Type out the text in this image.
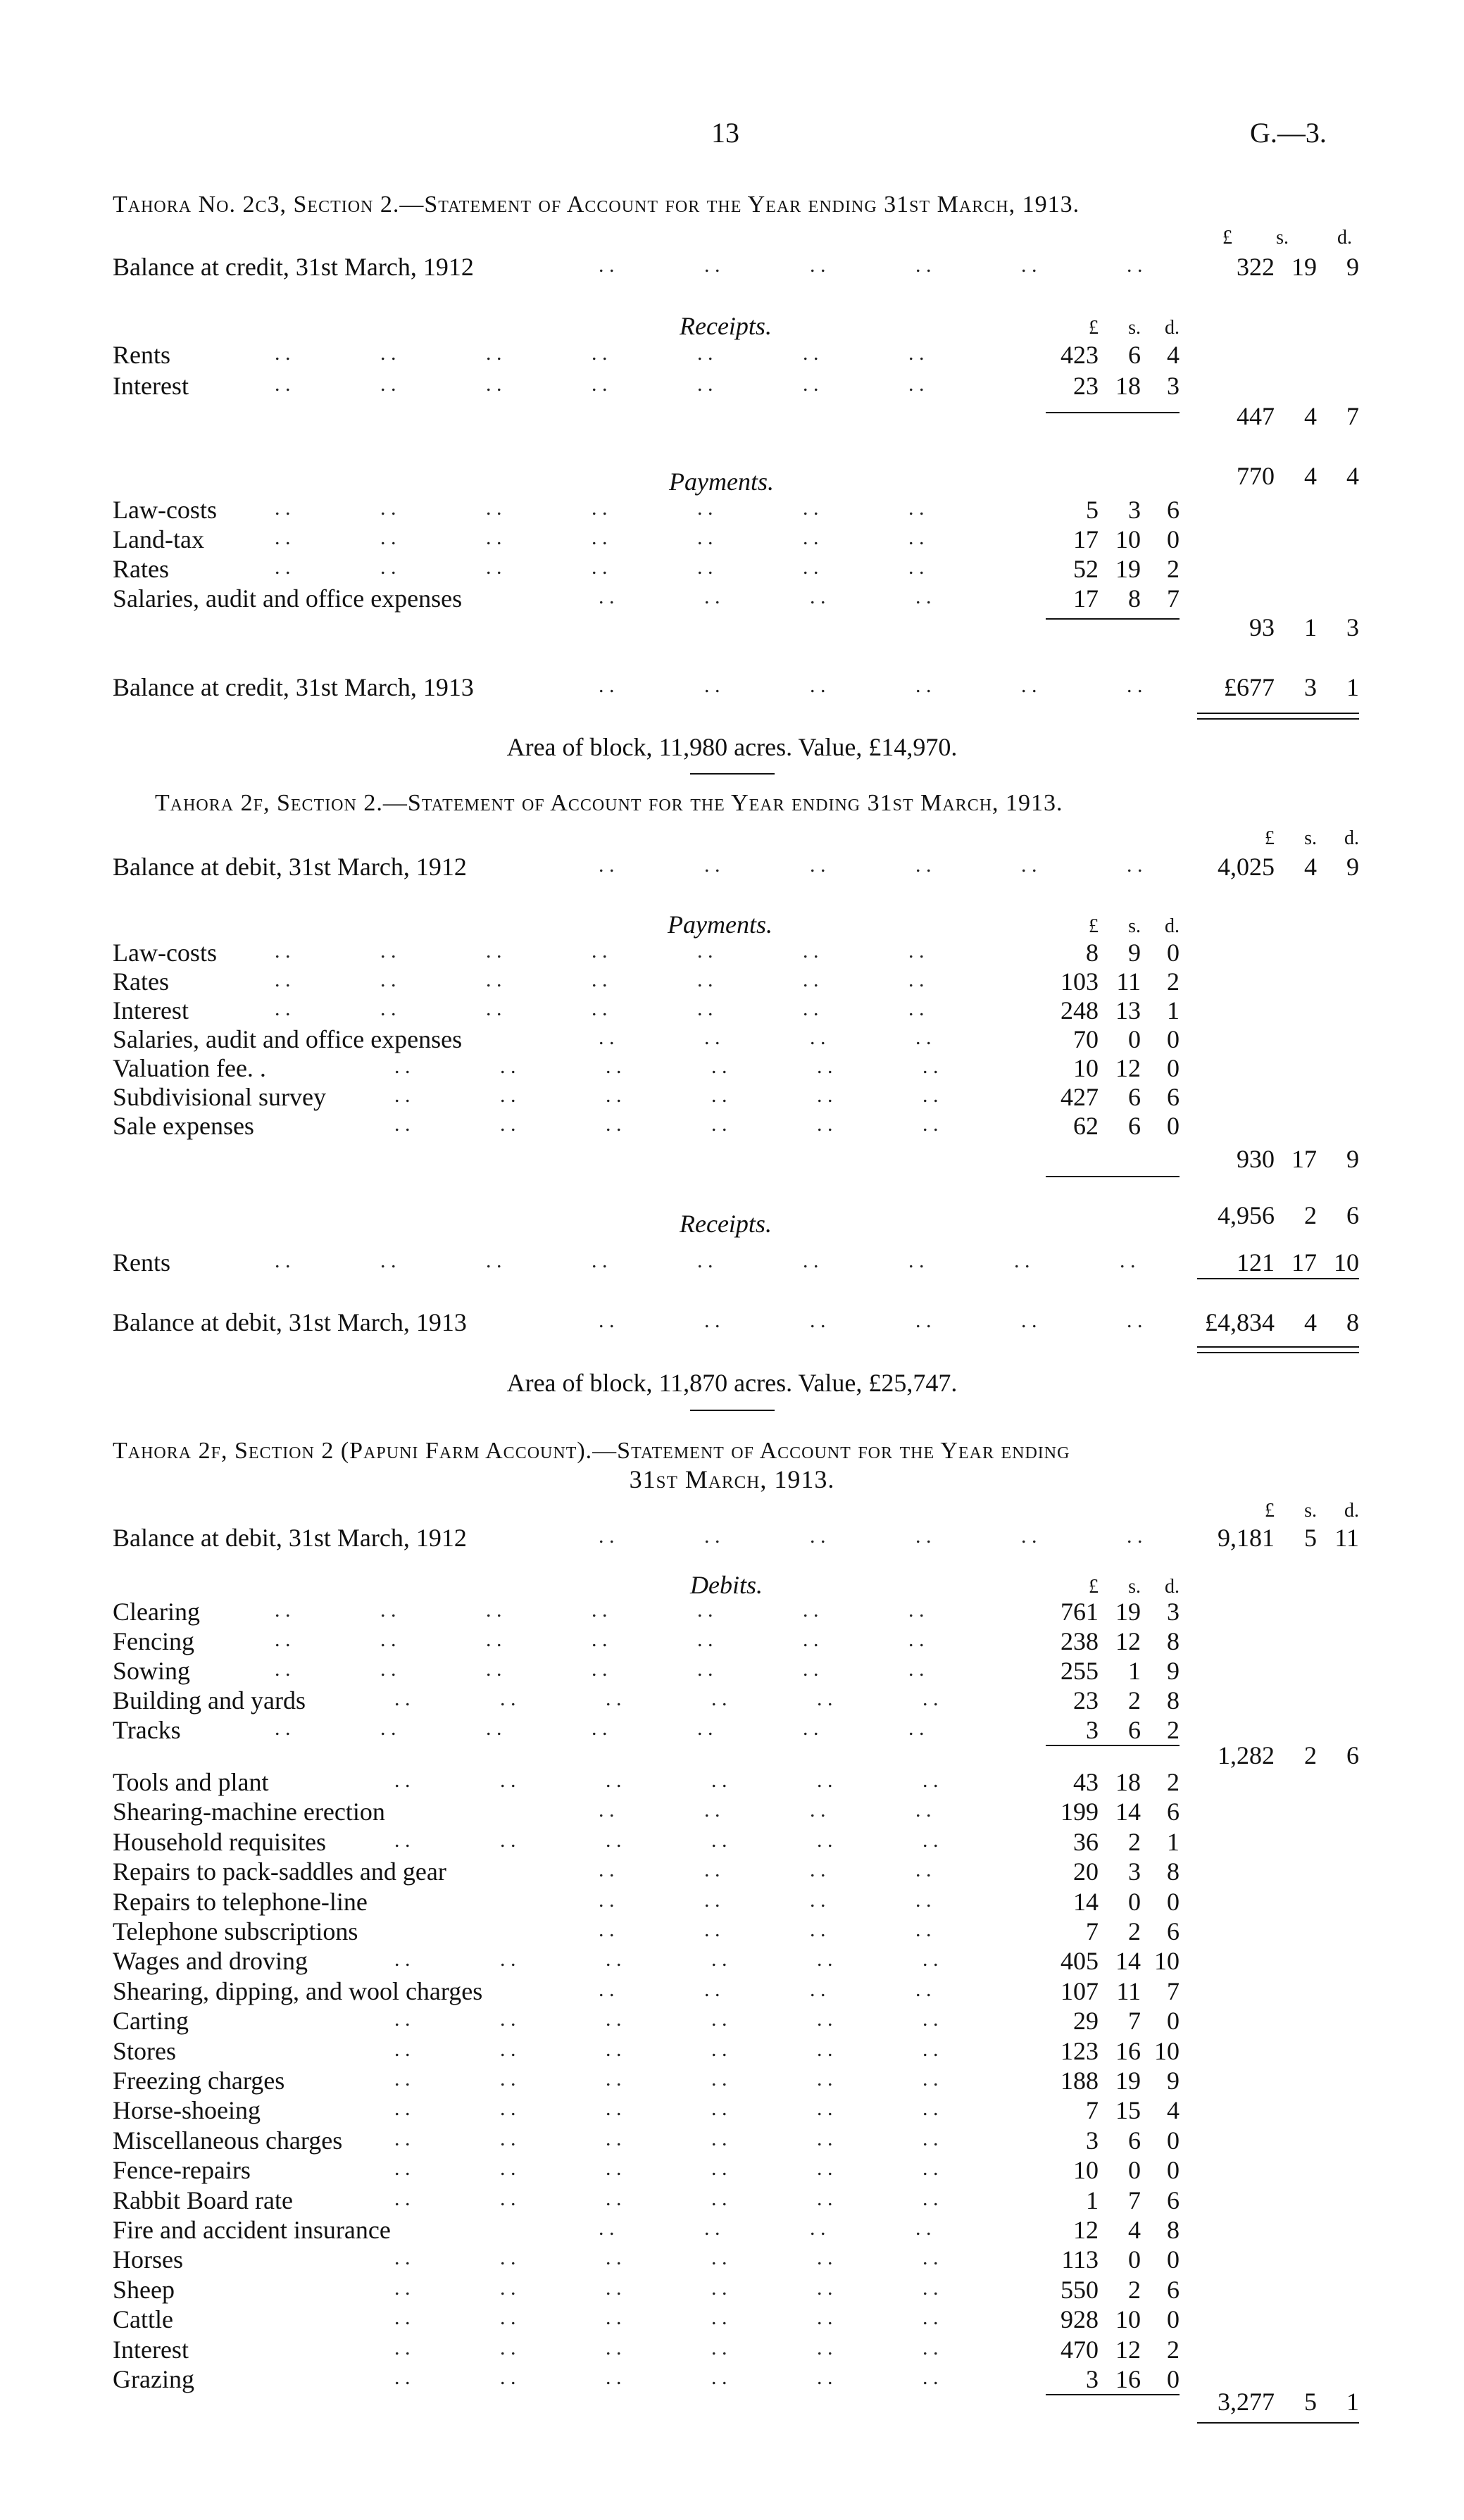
13	G.—3.
Tahora No. 2c3, Section 2.—Statement of Account for the Year ending 31st March, 1913.
£	s.	d.
Balance at credit, 31st March, 1912	. .	. .	. .	. .	. .	. .	322 19	9
Receipts.	£	s.	d.
Rents	. .	. .	. .	. .	. .	. .	. .	423	6	4
Interest	. .	. .	. .	. .	. .	. .	. .	23 18	3
447	4	7
Payments.	770	4	4
Law-costs	. .	. .	. .	. .	. .	. .	. .	5	3	6
Land-tax	. .	. .	. .	. .	. .	. .	. .	17 10	0
Rates	. .	. .	. .	. .	. .	. .	. .	52 19	2
Salaries, audit and office expenses	. .	. .	. .	. .	17	8	7
93	1	3
Balance at credit, 31st March, 1913	. .	. .	. .	. .	. .	. .	£677	3	1
Area of block, 11,980 acres. Value, £14,970.
Tahora 2f, Section 2.—Statement of Account for the Year ending 31st March, 1913.
£	s.	d.
Balance at debit, 31st March, 1912	. .	. .	. .	. .	. .	. .	4,025	4	9
Payments.	£	s.	d.
Law-costs	. .	. .	. .	. .	. .	. .	. .	8	9	0
Rates	. .	. .	. .	. .	. .	. .	. .	103 11	2
Interest	. .	. .	. .	. .	. .	. .	. .	248 13	1
Salaries, audit and office expenses	. .	. .	. .	. .	70	0	0
Valuation fee. .	. .	. .	. .	. .	. .	. .	10 12	0
Subdivisional survey	. .	. .	. .	. .	. .	. .	427	6	6
Sale expenses	. .	. .	. .	. .	. .	. .	62	6	0
930 17	9
Receipts.	4,956	2	6
Rents	. .	. .	. .	. .	. .	. .	. .	. .	. .	121 17 10
Balance at debit, 31st March, 1913	. .	. .	. .	. .	. .	. .	£4,834	4	8
Area of block, 11,870 acres. Value, £25,747.
Tahora 2f, Section 2 (Papuni Farm Account).—Statement of Account for the Year ending
31st March, 1913.
£	s.	d.
Balance at debit, 31st March, 1912	. .	. .	. .	. .	. .	. .	9,181	5 11
Debits.	£	s.	d.
Clearing	. .	. .	. .	. .	. .	. .	. .	761 19	3
Fencing	. .	. .	. .	. .	. .	. .	. .	238 12	8
Sowing	. .	. .	. .	. .	. .	. .	. .	255	1	9
Building and yards	. .	. .	. .	. .	. .	. .	23	2	8
Tracks	. .	. .	. .	. .	. .	. .	. .	3	6	2
1,282	2	6
Tools and plant	. .	. .	. .	. .	. .	. .	43 18	2
Shearing-machine erection	. .	. .	. .	. .	199 14	6
Household requisites	. .	. .	. .	. .	. .	. .	36	2	1
Repairs to pack-saddles and gear	. .	. .	. .	. .	20	3	8
Repairs to telephone-line	. .	. .	. .	. .	14	0	0
Telephone subscriptions	. .	. .	. .	. .	7	2	6
Wages and droving	. .	. .	. .	. .	. .	. .	405 14 10
Shearing, dipping, and wool charges	. .	. .	. .	. .	107 11	7
Carting	. .	. .	. .	. .	. .	. .	29	7	0
Stores	. .	. .	. .	. .	. .	. .	123 16 10
Freezing charges	. .	. .	. .	. .	. .	. .	188 19	9
Horse-shoeing	. .	. .	. .	. .	. .	. .	7 15	4
Miscellaneous charges . .	. .	. .	. .	. .	. .	3	6	0
Fence-repairs	. .	. .	. .	. .	. .	. .	10	0	0
Rabbit Board rate	. .	. .	. .	. .	. .	. .	1	7	6
Fire and accident insurance	. .	. .	. .	. .	12	4	8
Horses	. .	. .	. .	. .	. .	. .	113	0	0
Sheep	. .	. .	. .	. .	. .	. .	550	2	6
Cattle	. .	. .	. .	. .	. .	. .	928 10	0
Interest	. .	. .	. .	. .	. .	. .	470 12	2
Grazing	. .	. .	. .	. .	. .	. .	3 16	0
3,277	5	1
